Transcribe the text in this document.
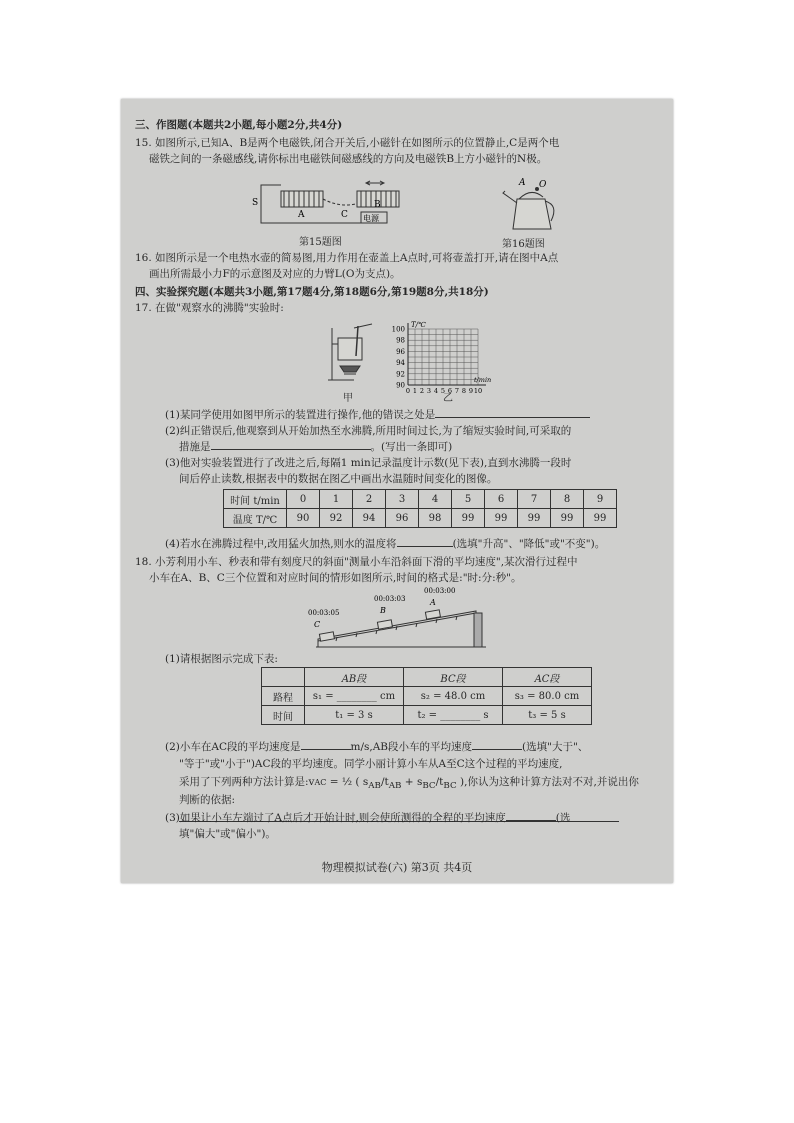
三、作图题(本题共2小题,每小题2分,共4分)
15. 如图所示,已知A、B是两个电磁铁,闭合开关后,小磁针在如图所示的位置静止,C是两个电
磁铁之间的一条磁感线,请你标出电磁铁间磁感线的方向及电磁铁B上方小磁针的N极。
S
A	C
B
电源
第15题图
A O
第16题图
16. 如图所示是一个电热水壶的简易图,用力作用在壶盖上A点时,可将壶盖打开,请在图中A点
画出所需最小力F的示意图及对应的力臂L(O为支点)。
四、实验探究题(本题共3小题,第17题4分,第18题6分,第19题8分,共18分)
17. 在做"观察水的沸腾"实验时:
甲
100
98
96
94
92
90
0 1 2 3 4 5 6 7 8 9 10
T/℃
t/min
乙
(1)某同学使用如图甲所示的装置进行操作,他的错误之处是
(2)纠正错误后,他观察到从开始加热至水沸腾,所用时间过长,为了缩短实验时间,可采取的
措施是	。(写出一条即可)
(3)他对实验装置进行了改进之后,每隔1 min记录温度计示数(见下表),直到水沸腾一段时
间后停止读数,根据表中的数据在图乙中画出水温随时间变化的图像。
时间 t/min	0	1	2	3	4	5	6	7	8	9
温度 T/℃	90	92	94	96	98	99	99	99	99	99
(4)若水在沸腾过程中,改用猛火加热,则水的温度将	(选填"升高"、"降低"或"不变")。
18. 小芳利用小车、秒表和带有刻度尺的斜面"测量小车沿斜面下滑的平均速度",某次滑行过程中
小车在A、B、C三个位置和对应时间的情形如图所示,时间的格式是:"时:分:秒"。
00:03:00
A
00:03:03
B
00:03:05
C
(1)请根据图示完成下表:
	AB段	BC段	AC段
路程	s₁ = ________ cm	s₂ = 48.0 cm	s₃ = 80.0 cm
时间	t₁ = 3 s	t₂ = ________ s	t₃ = 5 s
(2)小车在AC段的平均速度是	m/s,AB段小车的平均速度	(选填"大于"、
"等于"或"小于")AC段的平均速度。同学小丽计算小车从A至C这个过程的平均速度,
采用了下列两种方法计算是:vAC = ½ ( $s_{AB}/t_{AB} + s_{BC}/t_{BC}$ ),你认为这种计算方法对不对,并说出你
判断的依据:
(3)如果让小车左端过了A点后才开始计时,则会使所测得的全程的平均速度	(选
填"偏大"或"偏小")。
物理模拟试卷(六) 第3页 共4页
